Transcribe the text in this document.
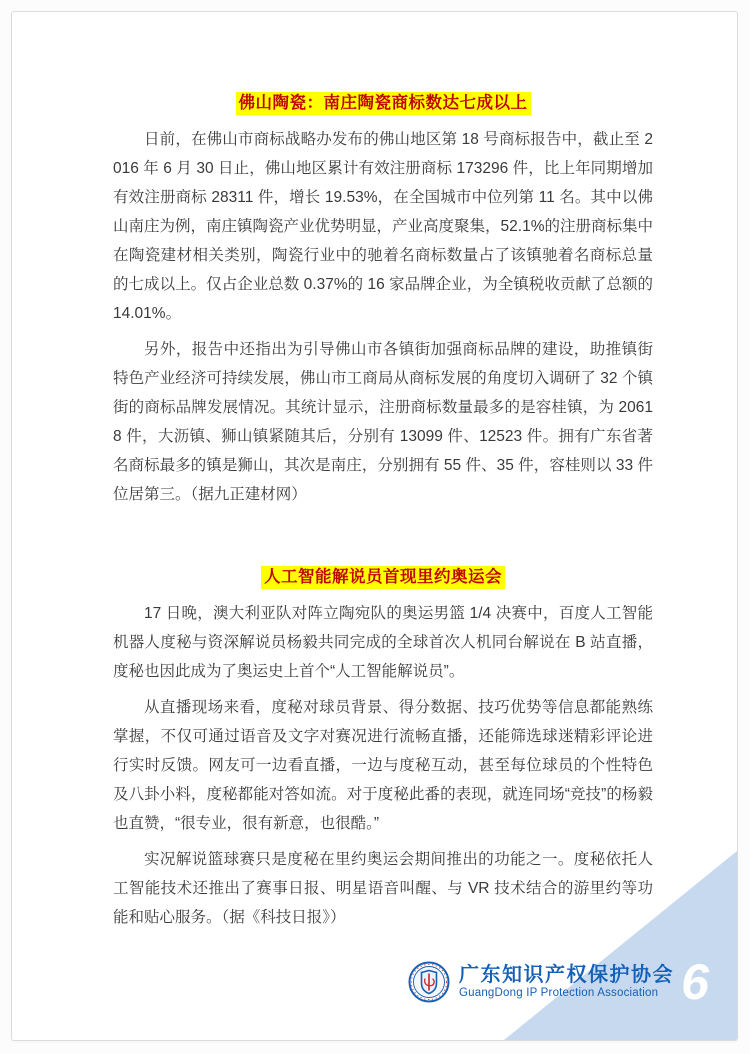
佛山陶瓷：南庄陶瓷商标数达七成以上

日前，在佛山市商标战略办发布的佛山地区第 18 号商标报告中，截止至 2016 年 6 月 30 日止，佛山地区累计有效注册商标 173296 件，比上年同期增加有效注册商标 28311 件，增长 19.53%，在全国城市中位列第 11 名。其中以佛山南庄为例，南庄镇陶瓷产业优势明显，产业高度聚集，52.1%的注册商标集中在陶瓷建材相关类别，陶瓷行业中的驰着名商标数量占了该镇驰着名商标总量的七成以上。仅占企业总数 0.37%的 16 家品牌企业，为全镇税收贡献了总额的 14.01%。

另外，报告中还指出为引导佛山市各镇街加强商标品牌的建设，助推镇街特色产业经济可持续发展，佛山市工商局从商标发展的角度切入调研了 32 个镇街的商标品牌发展情况。其统计显示，注册商标数量最多的是容桂镇，为 20618 件，大沥镇、狮山镇紧随其后，分别有 13099 件、12523 件。拥有广东省著名商标最多的镇是狮山，其次是南庄，分别拥有 55 件、35 件，容桂则以 33 件位居第三。（据九正建材网）

人工智能解说员首现里约奥运会

17 日晚，澳大利亚队对阵立陶宛队的奥运男篮 1/4 决赛中，百度人工智能机器人度秘与资深解说员杨毅共同完成的全球首次人机同台解说在 B 站直播，度秘也因此成为了奥运史上首个“人工智能解说员”。

从直播现场来看，度秘对球员背景、得分数据、技巧优势等信息都能熟练掌握，不仅可通过语音及文字对赛况进行流畅直播，还能筛选球迷精彩评论进行实时反馈。网友可一边看直播，一边与度秘互动，甚至每位球员的个性特色及八卦小料，度秘都能对答如流。对于度秘此番的表现，就连同场“竞技”的杨毅也直赞，“很专业，很有新意，也很酷。”

实况解说篮球赛只是度秘在里约奥运会期间推出的功能之一。度秘依托人工智能技术还推出了赛事日报、明星语音叫醒、与 VR 技术结合的游里约等功能和贴心服务。（据《科技日报》）

广东知识产权保护协会
GuangDong IP Protection Association 6
